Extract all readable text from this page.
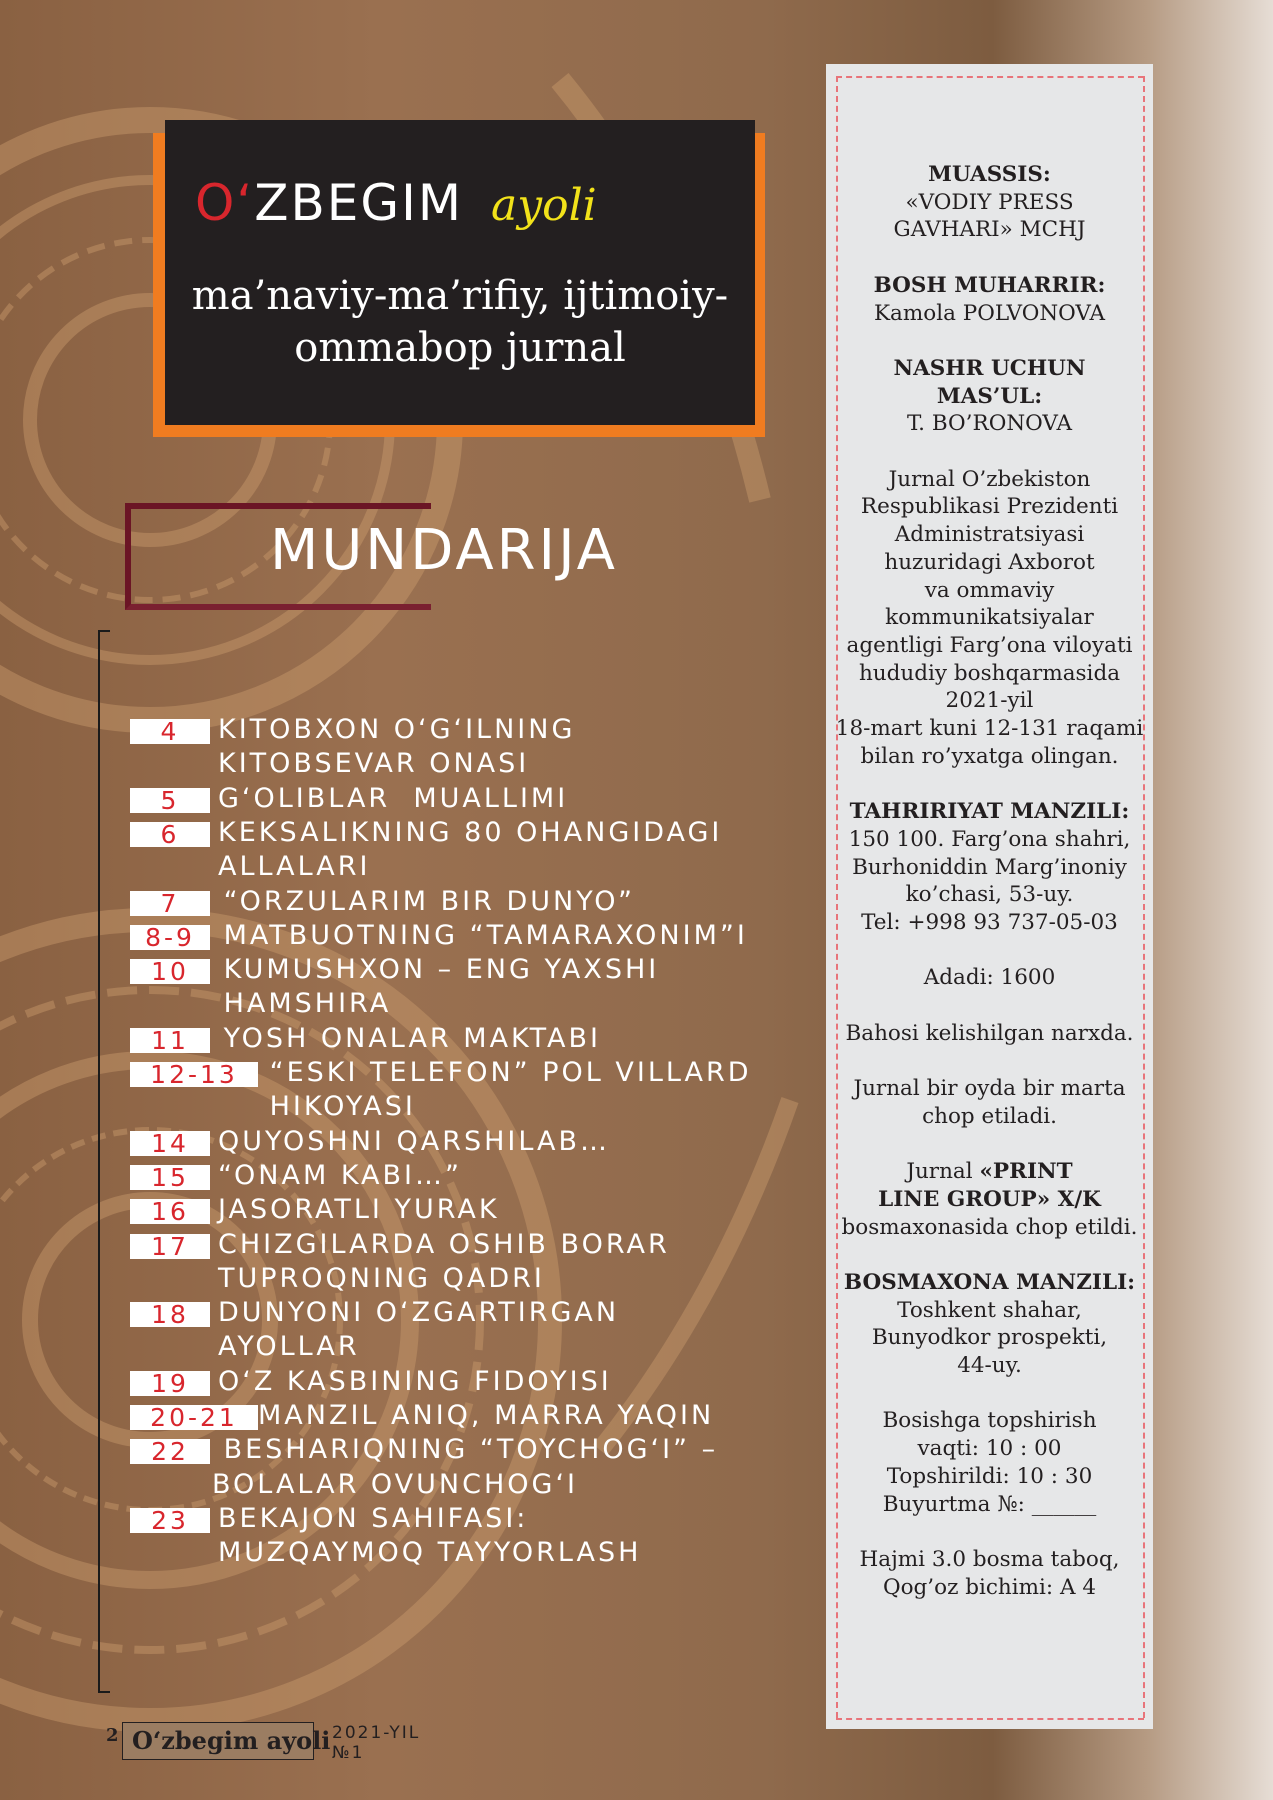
O‘ZBEGIM ayoli
ma’naviy-ma’rifiy, ijtimoiy-
ommabop jurnal
MUNDARIJA
4	KITOBXON O‘G‘ILNING
KITOBSEVAR ONASI
5	G‘OLIBLAR  MUALLIMI
6	KEKSALIKNING 80 OHANGIDAGI
ALLALARI
7	“ORZULARIM BIR DUNYO”
8-9 MATBUOTNING “TAMARAXONIM”I
10 KUMUSHXON – ENG YAXSHI
HAMSHIRA
11 YOSH ONALAR MAKTABI
12-13 “ESKI TELEFON” POL VILLARD
HIKOYASI
14	QUYOSHNI QARSHILAB…
15	“ONAM KABI…”
16	JASORATLI YURAK
17	CHIZGILARDA OSHIB BORAR
TUPROQNING QADRI
18	DUNYONI O‘ZGARTIRGAN
AYOLLAR
19	O‘Z KASBINING FIDOYISI
20-21 MANZIL ANIQ, MARRA YAQIN
22 BESHARIQNING “TOYCHOG‘I” –
BOLALAR OVUNCHOG‘I
23	BEKAJON SAHIFASI:
MUZQAYMOQ TAYYORLASH

MUASSIS:
«VODIY PRESS
GAVHARI» MCHJ

BOSH MUHARRIR:
Kamola POLVONOVA

NASHR UCHUN
MAS’UL:
T. BO’RONOVA

Jurnal O’zbekiston
Respublikasi Prezidenti
Administratsiyasi
huzuridagi Axborot
va ommaviy
kommunikatsiyalar
agentligi Farg’ona viloyati
hududiy boshqarmasida
2021-yil
18-mart kuni 12-131 raqami
bilan ro’yxatga olingan.

TAHRIRIYAT MANZILI:
150 100. Farg’ona shahri,
Burhoniddin Marg’inoniy
ko’chasi, 53-uy.
Tel: +998 93 737-05-03

Adadi: 1600

Bahosi kelishilgan narxda.

Jurnal bir oyda bir marta
chop etiladi.

Jurnal «PRINT
LINE GROUP» X/K
bosmaxonasida chop etildi.

BOSMAXONA MANZILI:
Toshkent shahar,
Bunyodkor prospekti,
44-uy.

Bosishga topshirish
vaqti: 10 : 00
Topshirildi: 10 : 30
Buyurtma №: ______

Hajmi 3.0 bosma taboq,
Qog’oz bichimi: A 4

2 O‘zbegim ayoli 2021-YIL
№1
